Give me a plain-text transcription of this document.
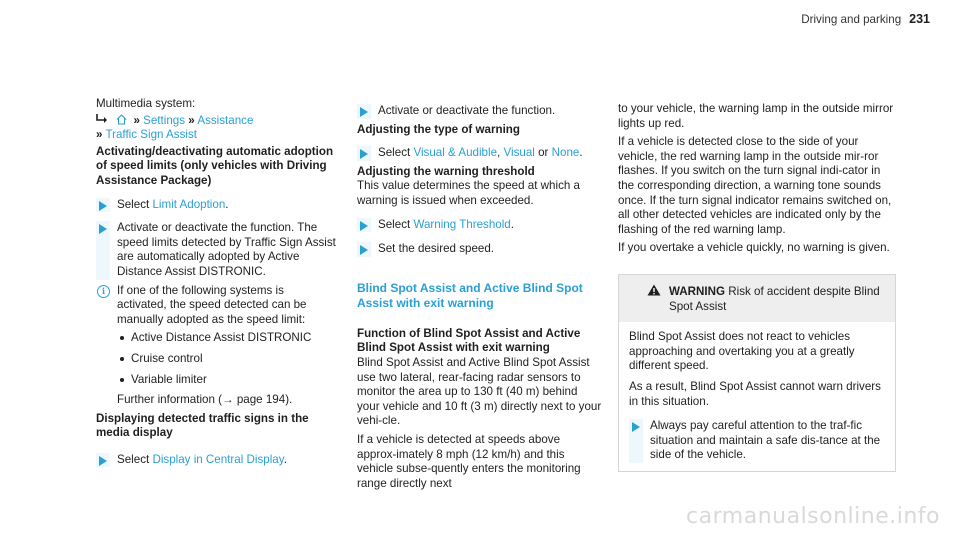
Driving and parking 231

Multimedia system:

» Settings » Assistance
» Traffic Sign Assist

Activating/deactivating automatic adoption of speed limits (only vehicles with Driving Assistance Package)

Select Limit Adoption.
Activate or deactivate the function. The speed limits detected by Traffic Sign Assist are automatically adopted by Active Distance Assist DISTRONIC.
i	If one of the following systems is activated, the speed detected can be manually adopted as the speed limit:
Active Distance Assist DISTRONIC
Cruise control
Variable limiter

Further information (→ page 194).

Displaying detected traffic signs in the media display

Select Display in Central Display.
Activate or deactivate the function.

Adjusting the type of warning

Select Visual & Audible, Visual or None.

Adjusting the warning threshold

This value determines the speed at which a warning is issued when exceeded.

Select Warning Threshold.
Set the desired speed.

Blind Spot Assist and Active Blind Spot Assist with exit warning

Function of Blind Spot Assist and Active Blind Spot Assist with exit warning

Blind Spot Assist and Active Blind Spot Assist use two lateral, rear-facing radar sensors to monitor the area up to 130 ft (40 m) behind your vehicle and 10 ft (3 m) directly next to your vehi-cle.

If a vehicle is detected at speeds above approx-imately 8 mph (12 km/h) and this vehicle subse-quently enters the monitoring range directly next

to your vehicle, the warning lamp in the outside mirror lights up red.

If a vehicle is detected close to the side of your vehicle, the red warning lamp in the outside mir-ror flashes. If you switch on the turn signal indi-cator in the corresponding direction, a warning tone sounds once. If the turn signal indicator remains switched on, all other detected vehicles are indicated only by the flashing of the red warning lamp.

If you overtake a vehicle quickly, no warning is given.

WARNING Risk of accident despite Blind
Spot Assist

Blind Spot Assist does not react to vehicles approaching and overtaking you at a greatly different speed.

As a result, Blind Spot Assist cannot warn drivers in this situation.

Always pay careful attention to the traf-fic situation and maintain a safe dis-tance at the side of the vehicle.
carmanualsonline.info
